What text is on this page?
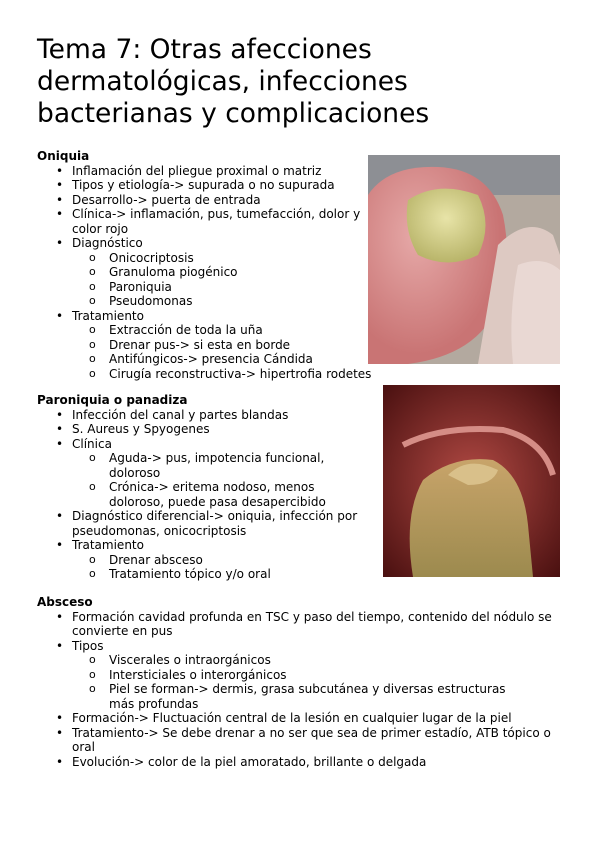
Tema 7: Otras afecciones dermatológicas, infecciones bacterianas y complicaciones
Oniquia
• Inflamación del pliegue proximal o matriz
• Tipos y etiología-> supurada o no supurada
• Desarrollo-> puerta de entrada
• Clínica-> inflamación, pus, tumefacción, dolor y color rojo
• Diagnóstico
o Onicocriptosis
o Granuloma piogénico
o Paroniquia
o Pseudomonas
• Tratamiento
o Extracción de toda la uña
o Drenar pus-> si esta en borde
o Antifúngicos-> presencia Cándida
o Cirugía reconstructiva-> hipertrofia rodetes
Paroniquia o panadiza
• Infección del canal y partes blandas
• S. Aureus y Spyogenes
• Clínica
o Aguda-> pus, impotencia funcional, doloroso
o Crónica-> eritema nodoso, menos doloroso, puede pasa desapercibido
• Diagnóstico diferencial-> oniquia, infección por pseudomonas, onicocriptosis
• Tratamiento
o Drenar absceso
o Tratamiento tópico y/o oral
Absceso
• Formación cavidad profunda en TSC y paso del tiempo, contenido del nódulo se convierte en pus
• Tipos
o Viscerales o intraorgánicos
o Intersticiales o interorgánicos
o Piel se forman-> dermis, grasa subcutánea y diversas estructuras más profundas
• Formación-> Fluctuación central de la lesión en cualquier lugar de la piel
• Tratamiento-> Se debe drenar a no ser que sea de primer estadío, ATB tópico o oral
• Evolución-> color de la piel amoratado, brillante o delgada
